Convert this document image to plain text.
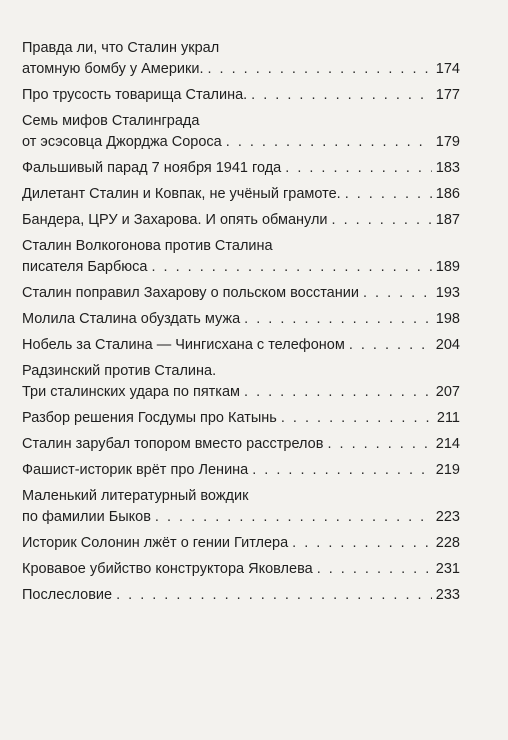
Правда ли, что Сталин украл
атомную бомбу у Америки. . . .	174
Про трусость товарища Сталина. . . .	177
Семь мифов Сталинграда
от эсэсовца Джорджа Сороса . . .	179
Фальшивый парад 7 ноября 1941 года . . .	183
Дилетант Сталин и Ковпак, не учёный грамоте. . . .	186
Бандера, ЦРУ и Захарова. И опять обманули . . .	187
Сталин Волкогонова против Сталина
писателя Барбюса . . .	189
Сталин поправил Захарову о польском восстании . . .	193
Молила Сталина обуздать мужа . . .	198
Нобель за Сталина — Чингисхана с телефоном . . .	204
Радзинский против Сталина.
Три сталинских удара по пяткам . . .	207
Разбор решения Госдумы про Катынь . . .	211
Сталин зарубал топором вместо расстрелов . . .	214
Фашист-историк врёт про Ленина . . .	219
Маленький литературный вождик
по фамилии Быков . . .	223
Историк Солонин лжёт о гении Гитлера . . .	228
Кровавое убийство конструктора Яковлева . . .	231
Послесловие . . .	233
